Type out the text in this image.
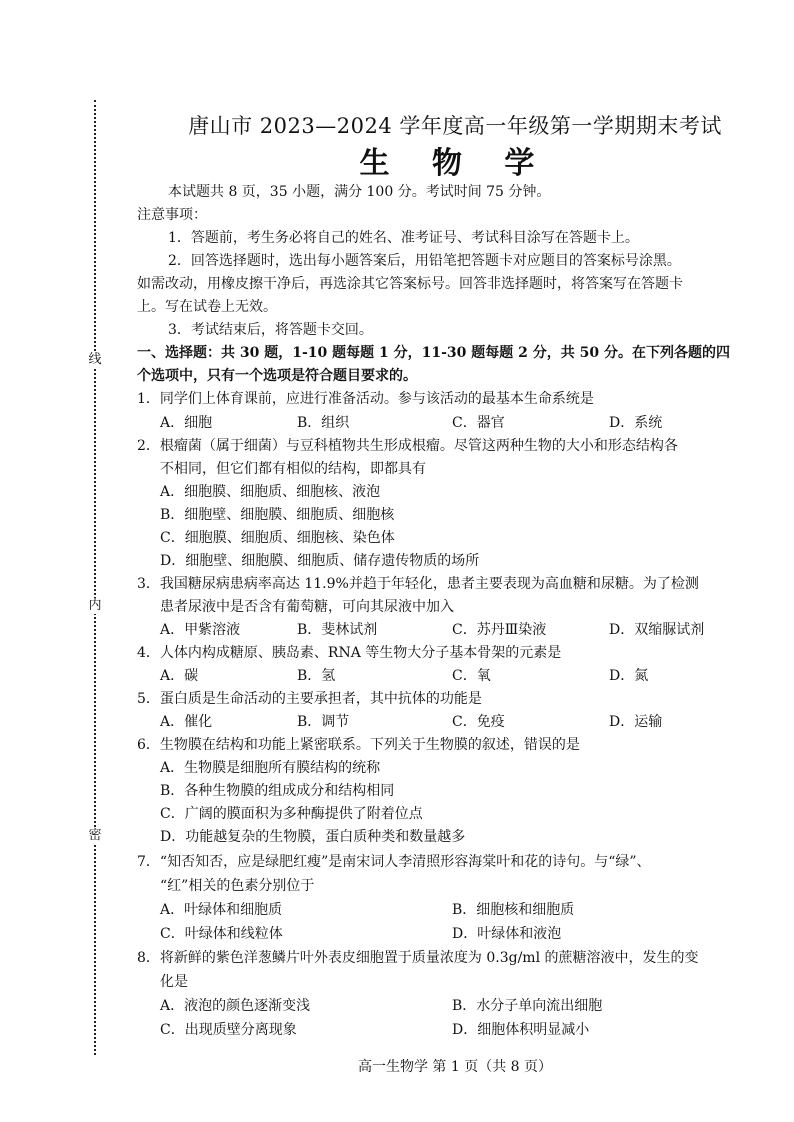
线
内
密
唐山市 2023—2024 学年度高一年级第一学期期末考试
生 物 学
本试题共 8 页，35 小题，满分 100 分。考试时间 75 分钟。
注意事项：
1．答题前，考生务必将自己的姓名、准考证号、考试科目涂写在答题卡上。
2．回答选择题时，选出每小题答案后，用铅笔把答题卡对应题目的答案标号涂黑。
如需改动，用橡皮擦干净后，再选涂其它答案标号。回答非选择题时，将答案写在答题卡
上。写在试卷上无效。
3．考试结束后，将答题卡交回。
一、选择题：共 30 题，1-10 题每题 1 分，11-30 题每题 2 分，共 50 分。在下列各题的四
个选项中，只有一个选项是符合题目要求的。
1．同学们上体育课前，应进行准备活动。参与该活动的最基本生命系统是
A．细胞	B．组织	C．器官	D．系统
2．根瘤菌（属于细菌）与豆科植物共生形成根瘤。尽管这两种生物的大小和形态结构各
不相同，但它们都有相似的结构，即都具有
A．细胞膜、细胞质、细胞核、液泡
B．细胞壁、细胞膜、细胞质、细胞核
C．细胞膜、细胞质、细胞核、染色体
D．细胞壁、细胞膜、细胞质、储存遗传物质的场所
3．我国糖尿病患病率高达 11.9%并趋于年轻化，患者主要表现为高血糖和尿糖。为了检测
患者尿液中是否含有葡萄糖，可向其尿液中加入
A．甲紫溶液	B．斐林试剂	C．苏丹Ⅲ染液	D．双缩脲试剂
4．人体内构成糖原、胰岛素、RNA 等生物大分子基本骨架的元素是
A．碳	B．氢	C．氧	D．氮
5．蛋白质是生命活动的主要承担者，其中抗体的功能是
A．催化	B．调节	C．免疫	D．运输
6．生物膜在结构和功能上紧密联系。下列关于生物膜的叙述，错误的是
A．生物膜是细胞所有膜结构的统称
B．各种生物膜的组成成分和结构相同
C．广阔的膜面积为多种酶提供了附着位点
D．功能越复杂的生物膜，蛋白质种类和数量越多
7．“知否知否，应是绿肥红瘦”是南宋词人李清照形容海棠叶和花的诗句。与“绿”、
“红”相关的色素分别位于
A．叶绿体和细胞质	B．细胞核和细胞质
C．叶绿体和线粒体	D．叶绿体和液泡
8．将新鲜的紫色洋葱鳞片叶外表皮细胞置于质量浓度为 0.3g/ml 的蔗糖溶液中，发生的变
化是
A．液泡的颜色逐渐变浅	B．水分子单向流出细胞
C．出现质壁分离现象	D．细胞体积明显减小
高一生物学 第 1 页（共 8 页）
